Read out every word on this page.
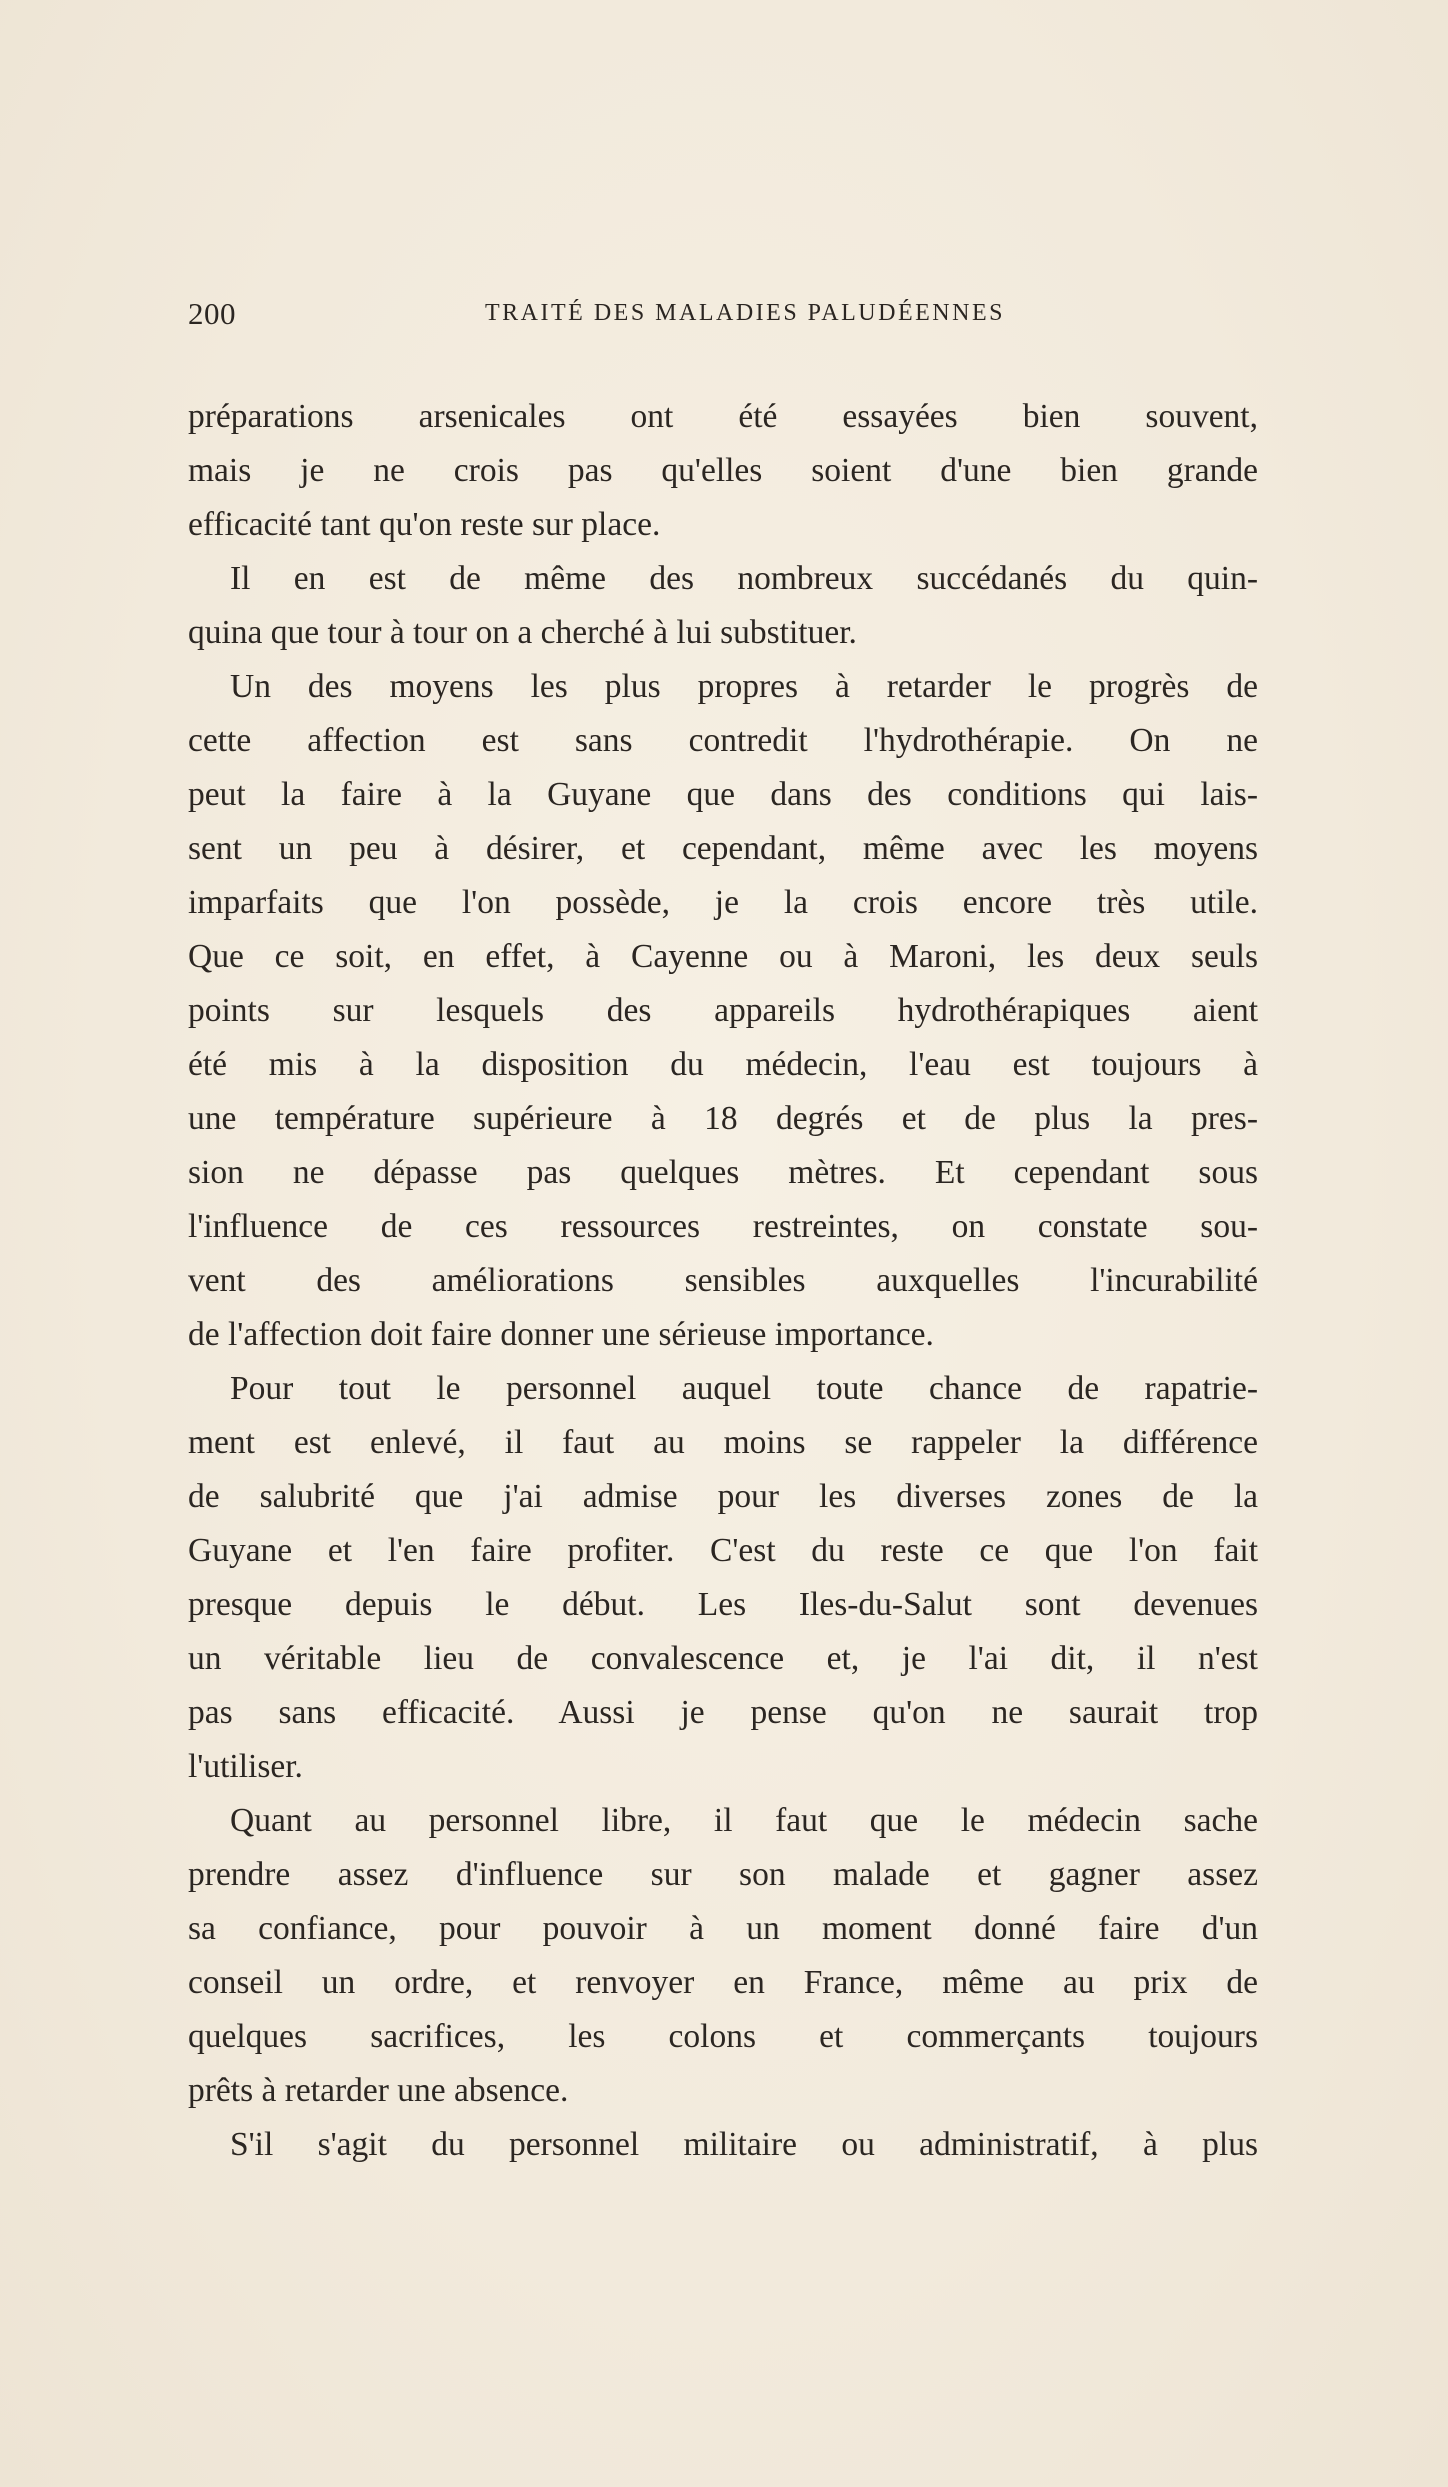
200	TRAITÉ DES MALADIES PALUDÉENNES
préparations arsenicales ont été essayées bien souvent,
mais je ne crois pas qu'elles soient d'une bien grande
efficacité tant qu'on reste sur place.
Il en est de même des nombreux succédanés du quin-
quina que tour à tour on a cherché à lui substituer.
Un des moyens les plus propres à retarder le progrès de
cette affection est sans contredit l'hydrothérapie. On ne
peut la faire à la Guyane que dans des conditions qui lais-
sent un peu à désirer, et cependant, même avec les moyens
imparfaits que l'on possède, je la crois encore très utile.
Que ce soit, en effet, à Cayenne ou à Maroni, les deux seuls
points sur lesquels des appareils hydrothérapiques aient
été mis à la disposition du médecin, l'eau est toujours à
une température supérieure à 18 degrés et de plus la pres-
sion ne dépasse pas quelques mètres. Et cependant sous
l'influence de ces ressources restreintes, on constate sou-
vent des améliorations sensibles auxquelles l'incurabilité
de l'affection doit faire donner une sérieuse importance.
Pour tout le personnel auquel toute chance de rapatrie-
ment est enlevé, il faut au moins se rappeler la différence
de salubrité que j'ai admise pour les diverses zones de la
Guyane et l'en faire profiter. C'est du reste ce que l'on fait
presque depuis le début. Les Iles-du-Salut sont devenues
un véritable lieu de convalescence et, je l'ai dit, il n'est
pas sans efficacité. Aussi je pense qu'on ne saurait trop
l'utiliser.
Quant au personnel libre, il faut que le médecin sache
prendre assez d'influence sur son malade et gagner assez
sa confiance, pour pouvoir à un moment donné faire d'un
conseil un ordre, et renvoyer en France, même au prix de
quelques sacrifices, les colons et commerçants toujours
prêts à retarder une absence.
S'il s'agit du personnel militaire ou administratif, à plus
